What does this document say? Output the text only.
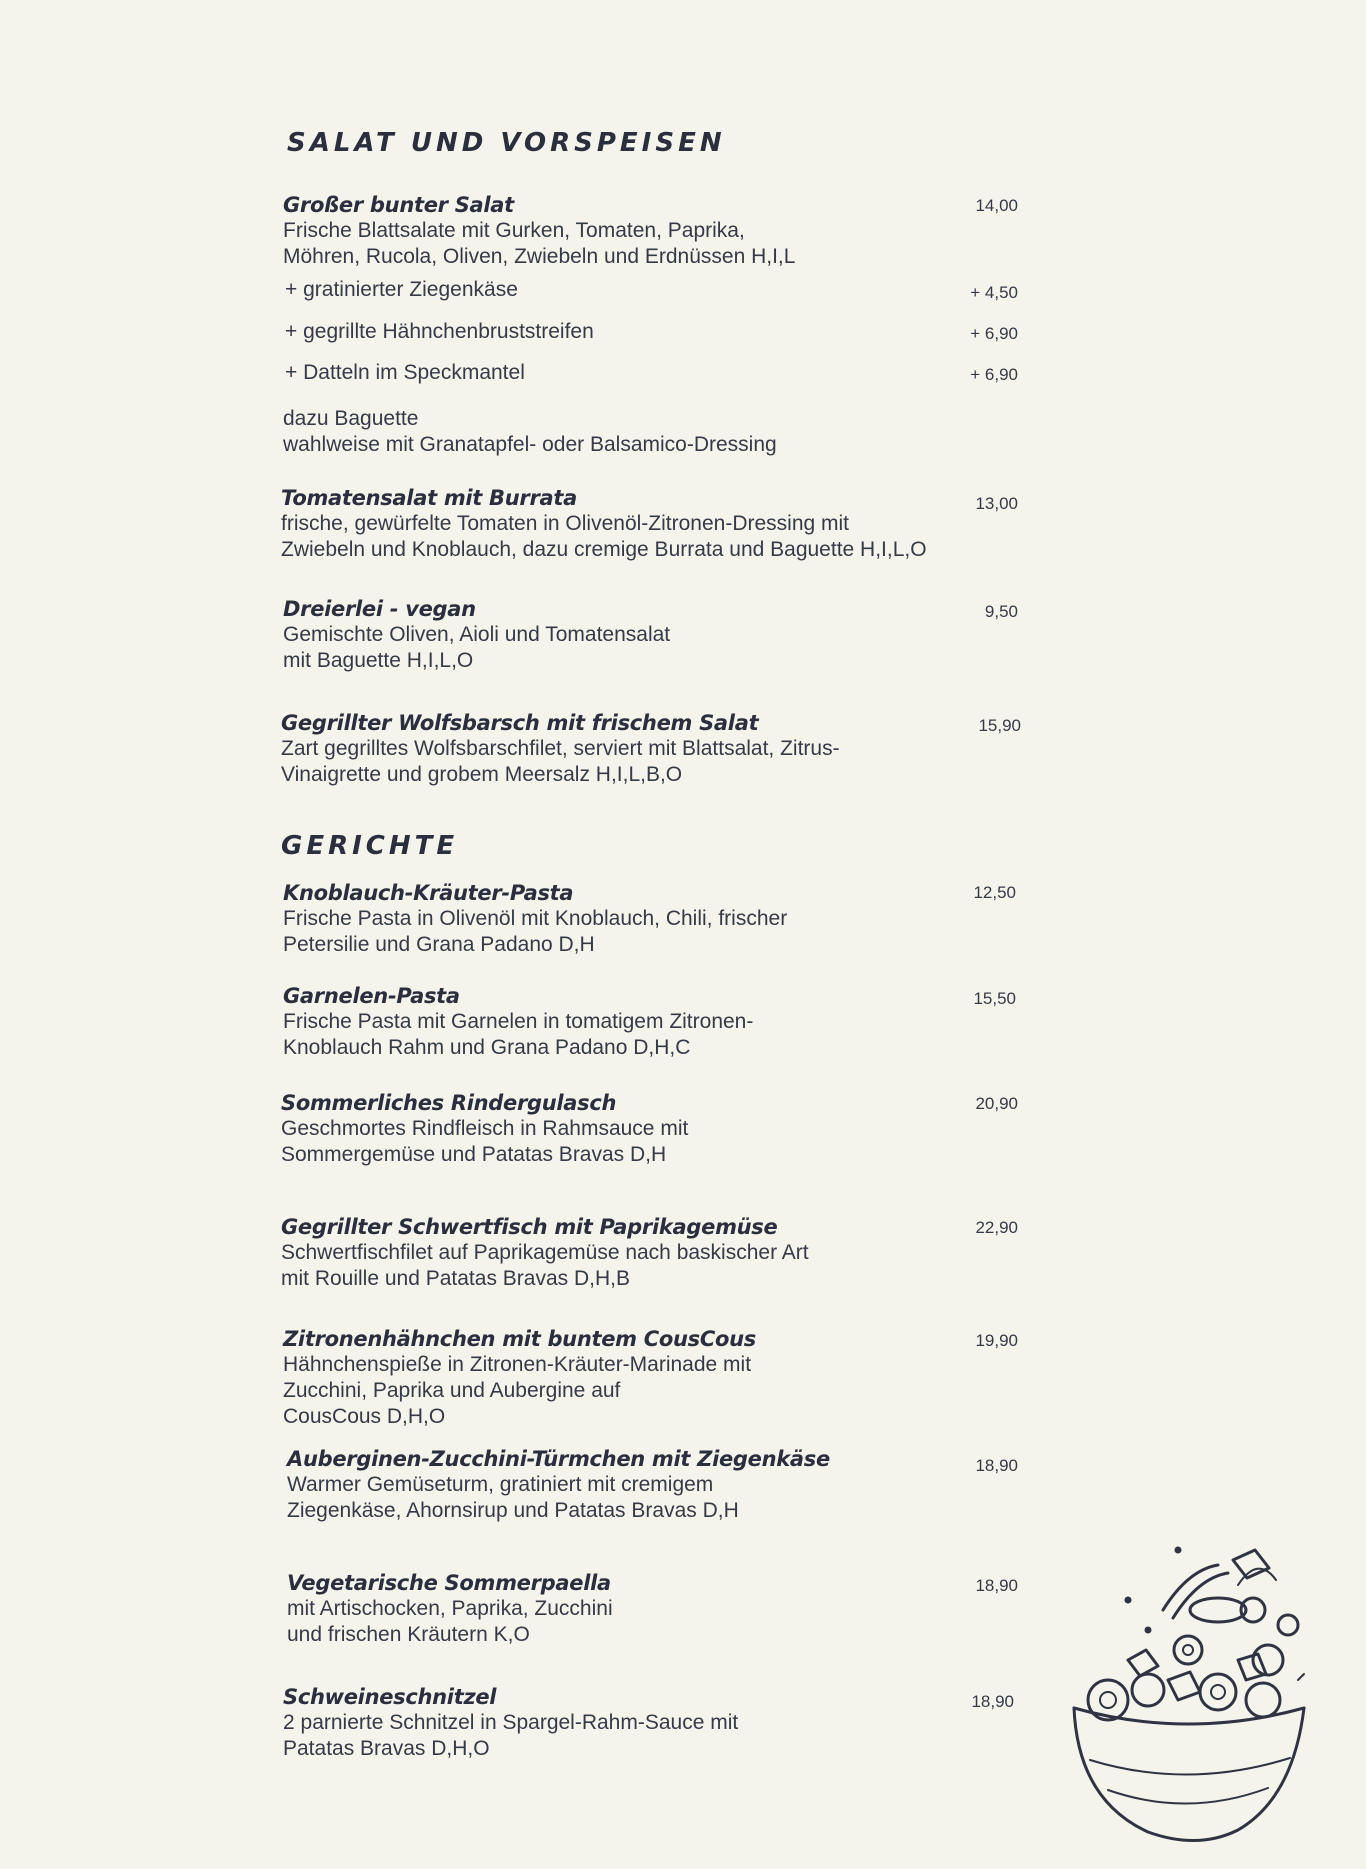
SALAT UND VORSPEISEN
Großer bunter Salat
Frische Blattsalate mit Gurken, Tomaten, Paprika,
Möhren, Rucola, Oliven, Zwiebeln und Erdnüssen H,I,L
14,00
+ gratinierter Ziegenkäse	+ 4,50
+ gegrillte Hähnchenbruststreifen	+ 6,90
+ Datteln im Speckmantel	+ 6,90
dazu Baguette
wahlweise mit Granatapfel- oder Balsamico-Dressing
Tomatensalat mit Burrata
frische, gewürfelte Tomaten in Olivenöl-Zitronen-Dressing mit
Zwiebeln und Knoblauch, dazu cremige Burrata und Baguette H,I,L,O
13,00
Dreierlei - vegan
Gemischte Oliven, Aioli und Tomatensalat
mit Baguette H,I,L,O
9,50
Gegrillter Wolfsbarsch mit frischem Salat
Zart gegrilltes Wolfsbarschfilet, serviert mit Blattsalat, Zitrus-
Vinaigrette und grobem Meersalz H,I,L,B,O
15,90
GERICHTE
Knoblauch-Kräuter-Pasta
Frische Pasta in Olivenöl mit Knoblauch, Chili, frischer
Petersilie und Grana Padano D,H
12,50
Garnelen-Pasta
Frische Pasta mit Garnelen in tomatigem Zitronen-
Knoblauch Rahm und Grana Padano D,H,C
15,50
Sommerliches Rindergulasch
Geschmortes Rindfleisch in Rahmsauce mit
Sommergemüse und Patatas Bravas D,H
20,90
Gegrillter Schwertfisch mit Paprikagemüse
Schwertfischfilet auf Paprikagemüse nach baskischer Art
mit Rouille und Patatas Bravas D,H,B
22,90
Zitronenhähnchen mit buntem CousCous
Hähnchenspieße in Zitronen-Kräuter-Marinade mit
Zucchini, Paprika und Aubergine auf
CousCous D,H,O
19,90
Auberginen-Zucchini-Türmchen mit Ziegenkäse
Warmer Gemüseturm, gratiniert mit cremigem
Ziegenkäse, Ahornsirup und Patatas Bravas D,H
18,90
Vegetarische Sommerpaella
mit Artischocken, Paprika, Zucchini
und frischen Kräutern K,O
18,90
Schweineschnitzel
2 parnierte Schnitzel in Spargel-Rahm-Sauce mit
Patatas Bravas D,H,O
18,90
